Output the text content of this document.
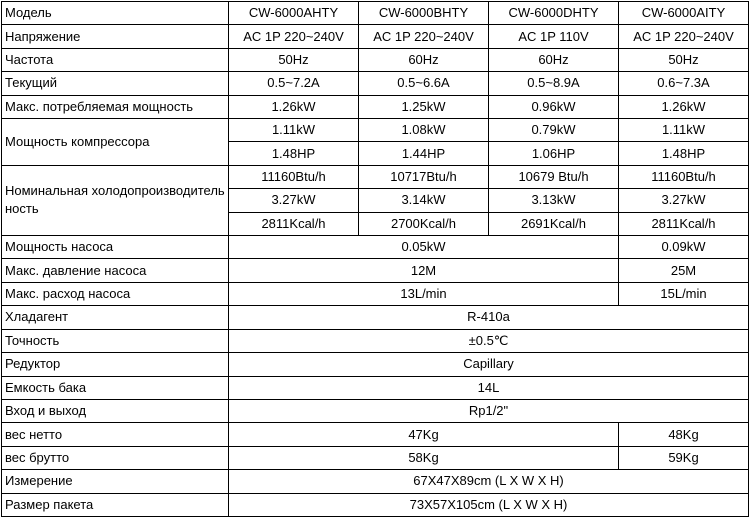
Модель	CW-6000AHTY	CW-6000BHTY	CW-6000DHTY	CW-6000AITY
Напряжение	AC 1P 220~240V	AC 1P 220~240V	AC 1P 110V	AC 1P 220~240V
Частота	50Hz	60Hz	60Hz	50Hz
Текущий	0.5~7.2A	0.5~6.6A	0.5~8.9A	0.6~7.3A
Макс. потребляемая мощность	1.26kW	1.25kW	0.96kW	1.26kW
Мощность компрессора	1.11kW	1.08kW	0.79kW	1.11kW
	1.48HP	1.44HP	1.06HP	1.48HP
Номинальная холодопроизводительность	11160Btu/h	10717Btu/h	10679 Btu/h	11160Btu/h
	3.27kW	3.14kW	3.13kW	3.27kW
	2811Kcal/h	2700Kcal/h	2691Kcal/h	2811Kcal/h
Мощность насоса	0.05kW			0.09kW
Макс. давление насоса	12M			25M
Макс. расход насоса	13L/min			15L/min
Хладагент	R-410a			
Точность	±0.5℃			
Редуктор	Capillary			
Емкость бака	14L			
Вход и выход	Rp1/2"			
вес нетто	47Kg			48Kg
вес брутто	58Kg			59Kg
Измерение	67X47X89cm (L X W X H)			
Размер пакета	73X57X105cm (L X W X H)			
